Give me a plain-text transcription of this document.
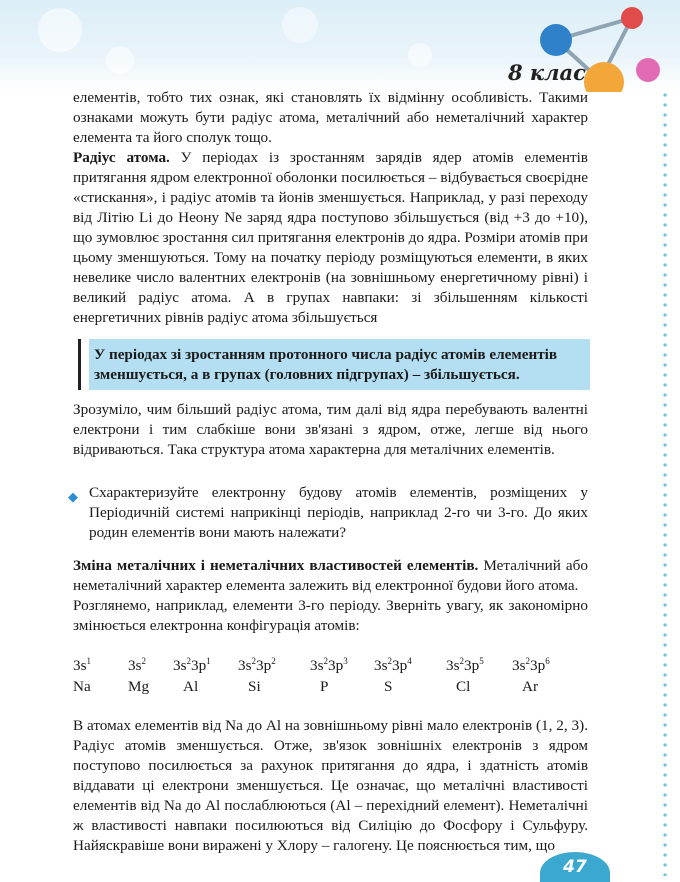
8 клас

елементів, тобто тих ознак, які становлять їх відмінну особливість. Такими ознаками можуть бути радіус атома, металічний або неметалічний характер елемента та його сполук тощо.

Радіус атома. У періодах із зростанням зарядів ядер атомів елементів притягання ядром електронної оболонки посилюється – відбувається своєрідне «стискання», і радіус атомів та йонів зменшується. Наприклад, у разі переходу від Літію Li до Неону Ne заряд ядра поступово збільшується (від +3 до +10), що зумовлює зростання сил притягання електронів до ядра. Розміри атомів при цьому зменшуються. Тому на початку періоду розміщуються елементи, в яких невелике число валентних електронів (на зовнішньому енергетичному рівні) і великий радіус атома. А в групах навпаки: зі збільшенням кількості енергетичних рівнів радіус атома збільшується

У періодах зі зростанням протонного числа радіус атомів елементів зменшується, а в групах (головних підгрупах) – збільшується.

Зрозуміло, чим більший радіус атома, тим далі від ядра перебувають валентні електрони і тим слабкіше вони зв'язані з ядром, отже, легше від нього відриваються. Така структура атома характерна для металічних елементів.

◆ Схарактеризуйте електронну будову атомів елементів, розміщених у Періодичній системі наприкінці періодів, наприклад 2-го чи 3-го. До яких родин елементів вони мають належати?

Зміна металічних і неметалічних властивостей елементів. Металічний або неметалічний характер елемента залежить від електронної будови його атома.

Розглянемо, наприклад, елементи 3-го періоду. Зверніть увагу, як закономірно змінюється електронна конфігурація атомів:

$3s^1$
Na
$3s^2$
Mg
$3s^23p^1$
Al
$3s^23p^2$
Si
$3s^23p^3$
P
$3s^23p^4$
S
$3s^23p^5$
Cl
$3s^23p^6$
Ar

В атомах елементів від Na до Al на зовнішньому рівні мало електронів (1, 2, 3). Радіус атомів зменшується. Отже, зв'язок зовнішніх електронів з ядром поступово посилюється за рахунок притягання до ядра, і здатність атомів віддавати ці електрони зменшується. Це означає, що металічні властивості елементів від Na до Al послаблюються (Al – перехідний елемент). Неметалічні ж властивості навпаки посилюються від Силіцію до Фосфору і Сульфуру. Найяскравіше вони виражені у Хлору – галогену. Це пояснюється тим, що

47
